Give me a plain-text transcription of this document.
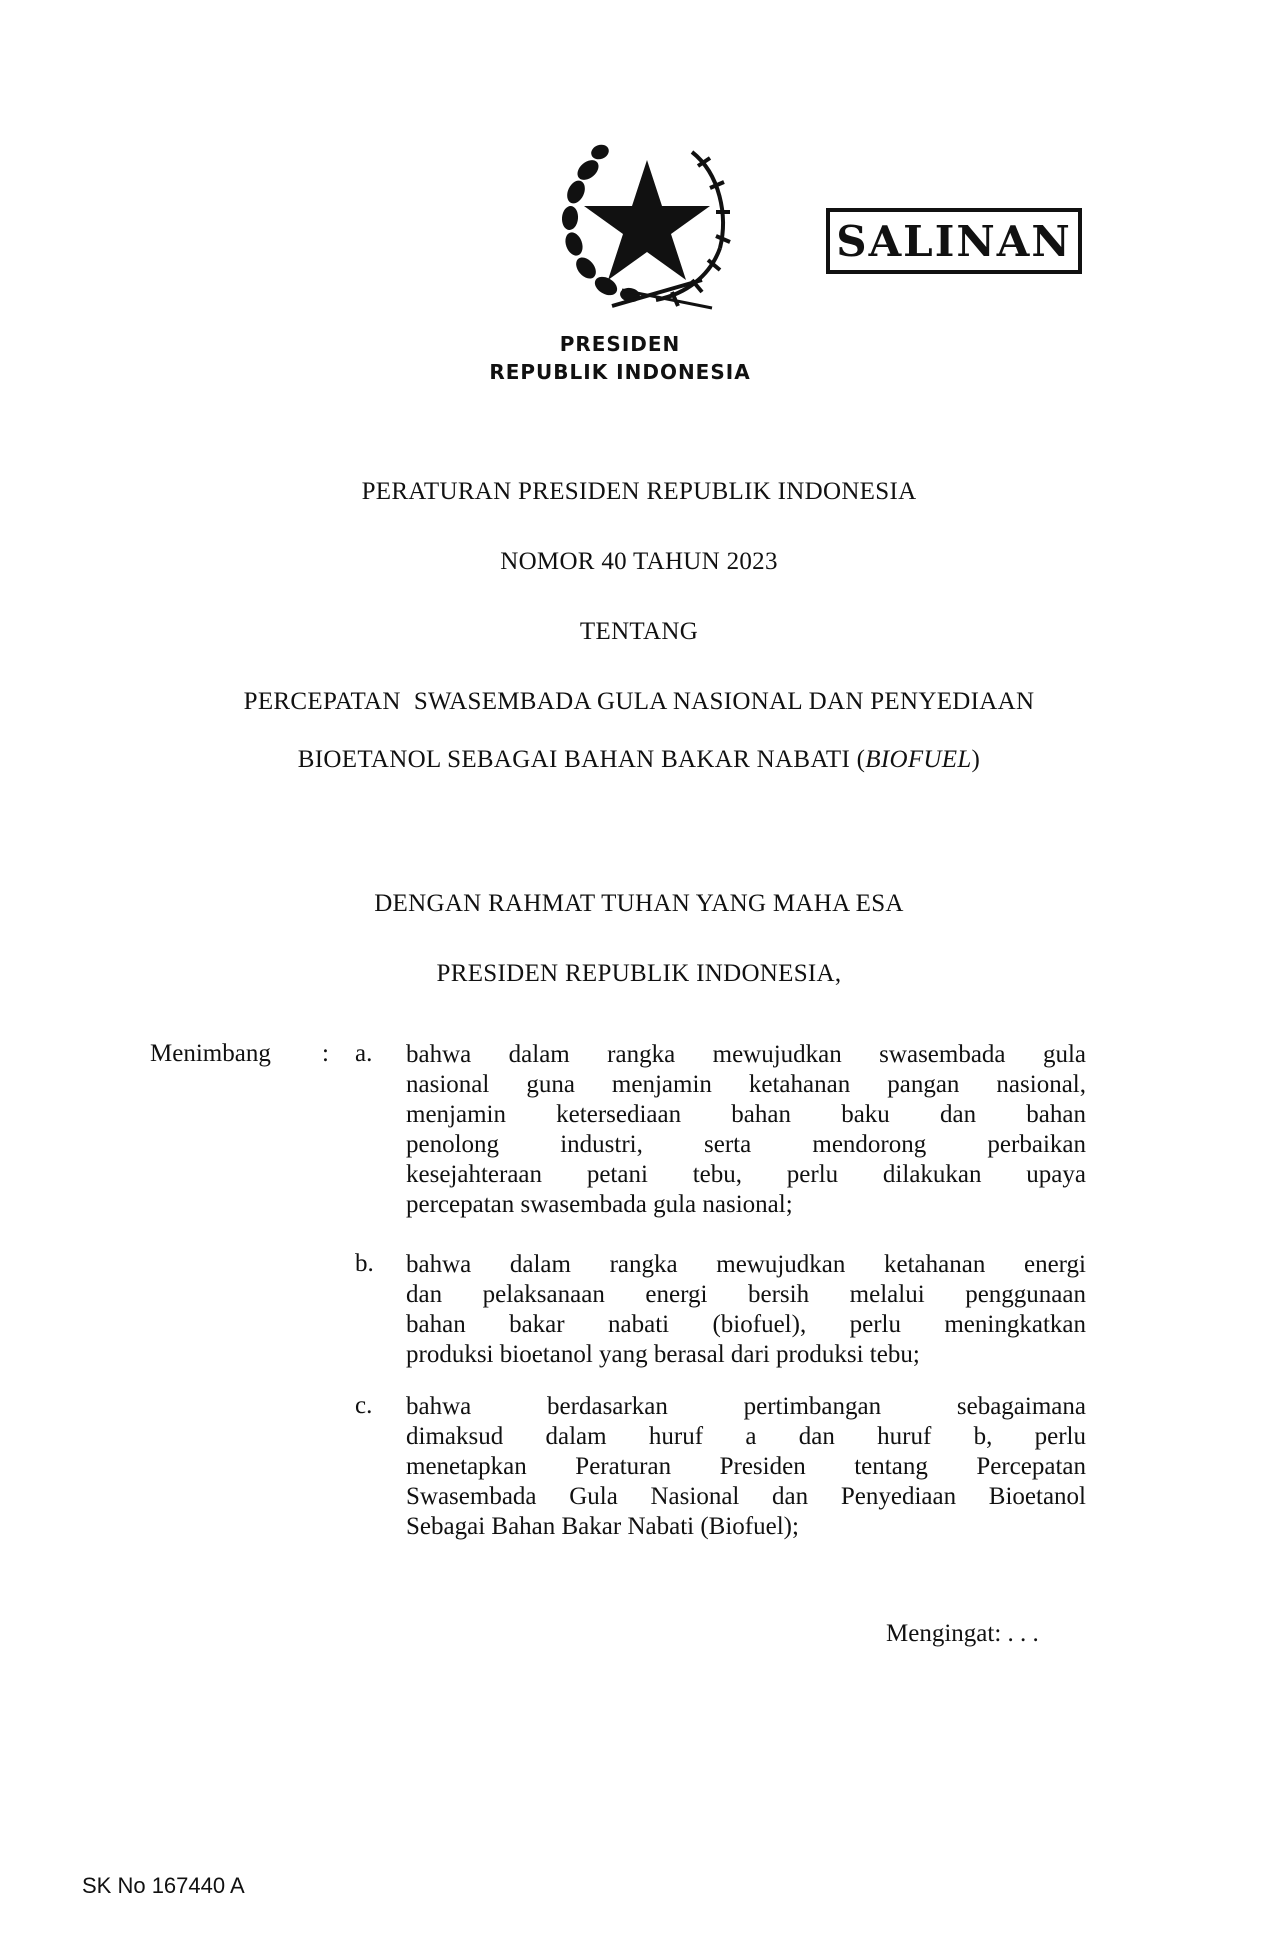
SALINAN
PRESIDEN
REPUBLIK INDONESIA
PERATURAN PRESIDEN REPUBLIK INDONESIA
NOMOR 40 TAHUN 2023
TENTANG
PERCEPATAN  SWASEMBADA GULA NASIONAL DAN PENYEDIAAN
BIOETANOL SEBAGAI BAHAN BAKAR NABATI (BIOFUEL)
DENGAN RAHMAT TUHAN YANG MAHA ESA
PRESIDEN REPUBLIK INDONESIA,
Menimbang : a. bahwa dalam rangka mewujudkan swasembada gula
nasional guna menjamin ketahanan pangan nasional,
menjamin ketersediaan bahan baku dan bahan
penolong industri, serta mendorong perbaikan
kesejahteraan petani tebu, perlu dilakukan upaya
percepatan swasembada gula nasional;
b. bahwa dalam rangka mewujudkan ketahanan energi
dan pelaksanaan energi bersih melalui penggunaan
bahan bakar nabati (biofuel), perlu meningkatkan
produksi bioetanol yang berasal dari produksi tebu;
c. bahwa berdasarkan pertimbangan sebagaimana
dimaksud dalam huruf a dan huruf b, perlu
menetapkan Peraturan Presiden tentang Percepatan
Swasembada Gula Nasional dan Penyediaan Bioetanol
Sebagai Bahan Bakar Nabati (Biofuel);
Mengingat: . . .
SK No 167440 A
